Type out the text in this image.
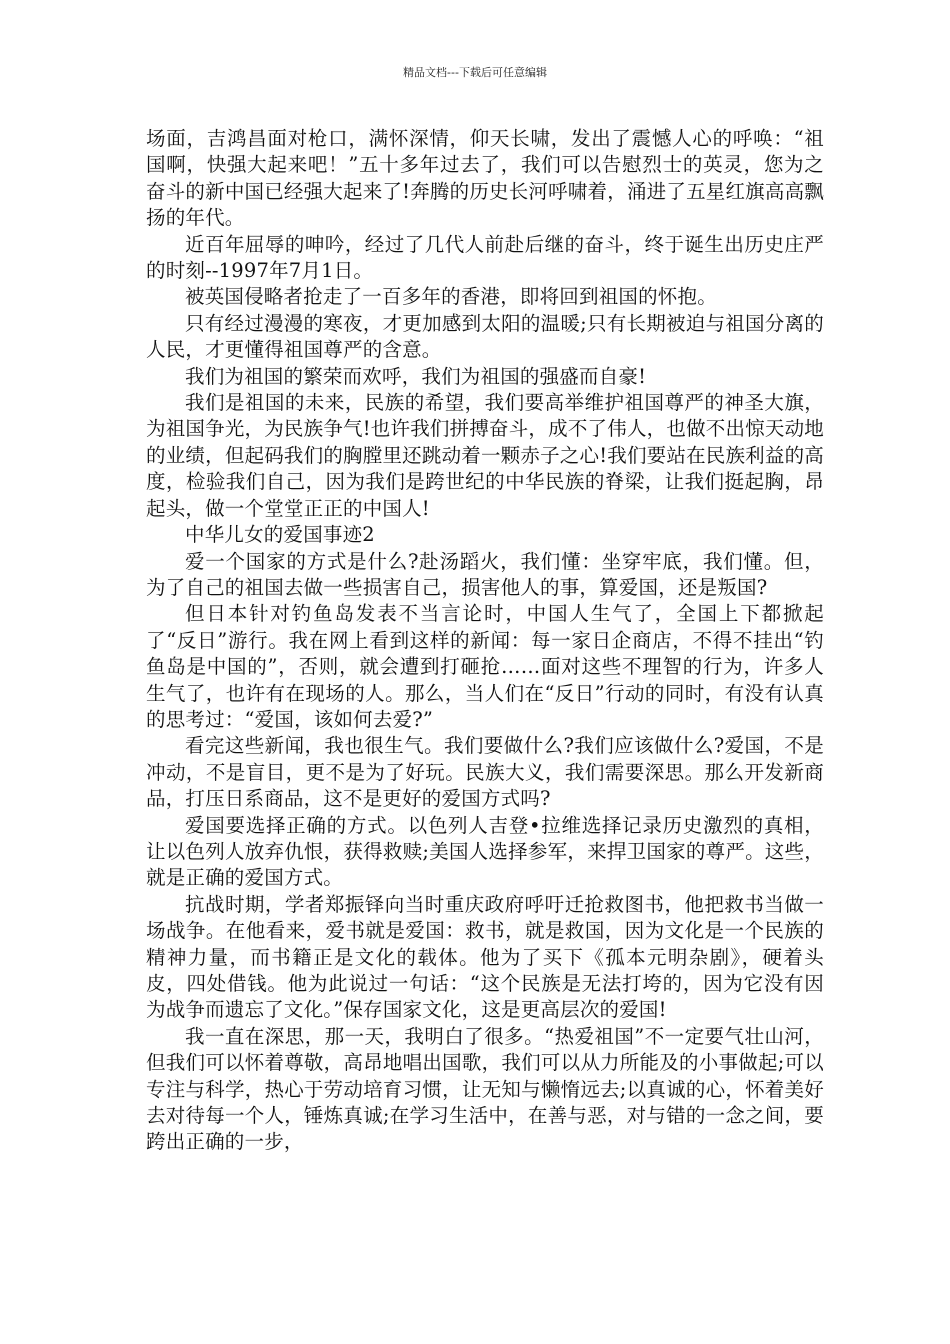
精品文档---下载后可任意编辑

场面，吉鸿昌面对枪口，满怀深情，仰天长啸，发出了震憾人心的呼唤：“祖国啊，快强大起来吧！”五十多年过去了，我们可以告慰烈士的英灵，您为之奋斗的新中国已经强大起来了!奔腾的历史长河呼啸着，涌进了五星红旗高高飘扬的年代。

近百年屈辱的呻吟，经过了几代人前赴后继的奋斗，终于诞生出历史庄严的时刻--1997年7月1日。

被英国侵略者抢走了一百多年的香港，即将回到祖国的怀抱。

只有经过漫漫的寒夜，才更加感到太阳的温暖;只有长期被迫与祖国分离的人民，才更懂得祖国尊严的含意。

我们为祖国的繁荣而欢呼，我们为祖国的强盛而自豪!

我们是祖国的未来，民族的希望，我们要高举维护祖国尊严的神圣大旗，为祖国争光，为民族争气!也许我们拼搏奋斗，成不了伟人，也做不出惊天动地的业绩，但起码我们的胸膛里还跳动着一颗赤子之心!我们要站在民族利益的高度，检验我们自己，因为我们是跨世纪的中华民族的脊梁，让我们挺起胸，昂起头，做一个堂堂正正的中国人!

中华儿女的爱国事迹2

爱一个国家的方式是什么?赴汤蹈火，我们懂：坐穿牢底，我们懂。但，为了自己的祖国去做一些损害自己，损害他人的事，算爱国，还是叛国?

但日本针对钓鱼岛发表不当言论时，中国人生气了，全国上下都掀起了“反日”游行。我在网上看到这样的新闻：每一家日企商店，不得不挂出“钓鱼岛是中国的”，否则，就会遭到打砸抢……面对这些不理智的行为，许多人生气了，也许有在现场的人。那么，当人们在“反日”行动的同时，有没有认真的思考过：“爱国，该如何去爱?”

看完这些新闻，我也很生气。我们要做什么?我们应该做什么?爱国，不是冲动，不是盲目，更不是为了好玩。民族大义，我们需要深思。那么开发新商品，打压日系商品，这不是更好的爱国方式吗?

爱国要选择正确的方式。以色列人吉登•拉维选择记录历史激烈的真相，让以色列人放弃仇恨，获得救赎;美国人选择参军，来捍卫国家的尊严。这些，就是正确的爱国方式。

抗战时期，学者郑振铎向当时重庆政府呼吁迁抢救图书，他把救书当做一场战争。在他看来，爱书就是爱国：救书，就是救国，因为文化是一个民族的精神力量，而书籍正是文化的载体。他为了买下《孤本元明杂剧》，硬着头皮，四处借钱。他为此说过一句话：“这个民族是无法打垮的，因为它没有因为战争而遗忘了文化。”保存国家文化，这是更高层次的爱国!

我一直在深思，那一天，我明白了很多。“热爱祖国”不一定要气壮山河，但我们可以怀着尊敬，高昂地唱出国歌，我们可以从力所能及的小事做起;可以专注与科学，热心于劳动培育习惯，让无知与懒惰远去;以真诚的心，怀着美好去对待每一个人，锤炼真诚;在学习生活中，在善与恶，对与错的一念之间，要跨出正确的一步，
